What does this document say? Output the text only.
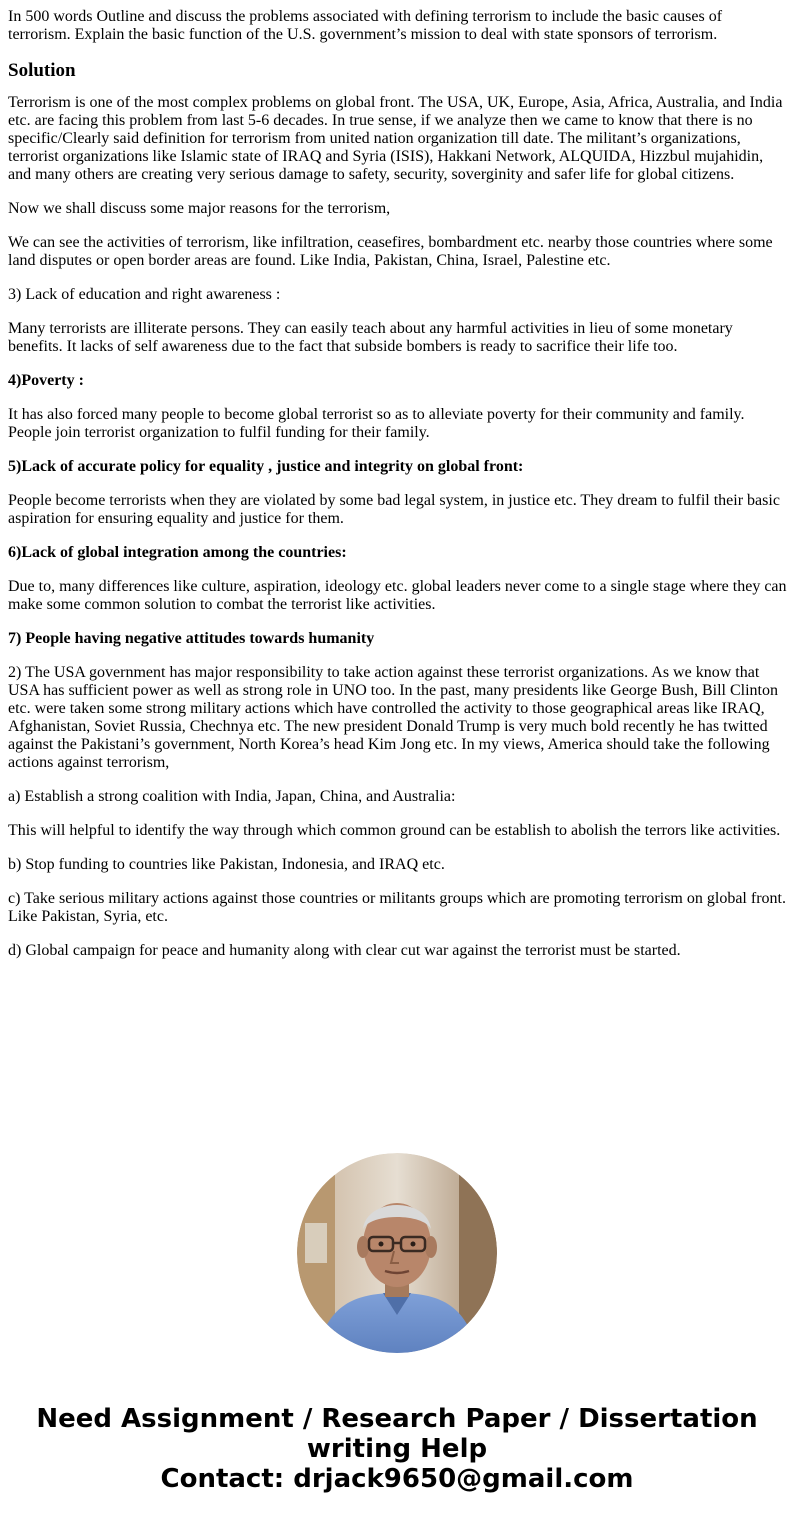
In 500 words Outline and discuss the problems associated with defining terrorism to include the basic causes of terrorism. Explain the basic function of the U.S. government’s mission to deal with state sponsors of terrorism.

Solution

Terrorism is one of the most complex problems on global front. The USA, UK, Europe, Asia, Africa, Australia, and India etc. are facing this problem from last 5-6 decades. In true sense, if we analyze then we came to know that there is no specific/Clearly said definition for terrorism from united nation organization till date. The militant’s organizations, terrorist organizations like Islamic state of IRAQ and Syria (ISIS), Hakkani Network, ALQUIDA, Hizzbul mujahidin, and many others are creating very serious damage to safety, security, soverginity and safer life for global citizens.

Now we shall discuss some major reasons for the terrorism,

We can see the activities of terrorism, like infiltration, ceasefires, bombardment etc. nearby those countries where some land disputes or open border areas are found. Like India, Pakistan, China, Israel, Palestine etc.

3) Lack of education and right awareness :

Many terrorists are illiterate persons. They can easily teach about any harmful activities in lieu of some monetary benefits. It lacks of self awareness due to the fact that subside bombers is ready to sacrifice their life too.

4)Poverty :

It has also forced many people to become global terrorist so as to alleviate poverty for their community and family. People join terrorist organization to fulfil funding for their family.

5)Lack of accurate policy for equality , justice and integrity on global front:

People become terrorists when they are violated by some bad legal system, in justice etc. They dream to fulfil their basic aspiration for ensuring equality and justice for them.

6)Lack of global integration among the countries:

Due to, many differences like culture, aspiration, ideology etc. global leaders never come to a single stage where they can make some common solution to combat the terrorist like activities.

7) People having negative attitudes towards humanity

2) The USA government has major responsibility to take action against these terrorist organizations. As we know that USA has sufficient power as well as strong role in UNO too. In the past, many presidents like George Bush, Bill Clinton etc. were taken some strong military actions which have controlled the activity to those geographical areas like IRAQ, Afghanistan, Soviet Russia, Chechnya etc. The new president Donald Trump is very much bold recently he has twitted against the Pakistani’s government, North Korea’s head Kim Jong etc. In my views, America should take the following actions against terrorism,

a) Establish a strong coalition with India, Japan, China, and Australia:

This will helpful to identify the way through which common ground can be establish to abolish the terrors like activities.

b) Stop funding to countries like Pakistan, Indonesia, and IRAQ etc.

c) Take serious military actions against those countries or militants groups which are promoting terrorism on global front. Like Pakistan, Syria, etc.

d) Global campaign for peace and humanity along with clear cut war against the terrorist must be started.

Need Assignment / Research Paper / Dissertation
writing Help
Contact: drjack9650@gmail.com
